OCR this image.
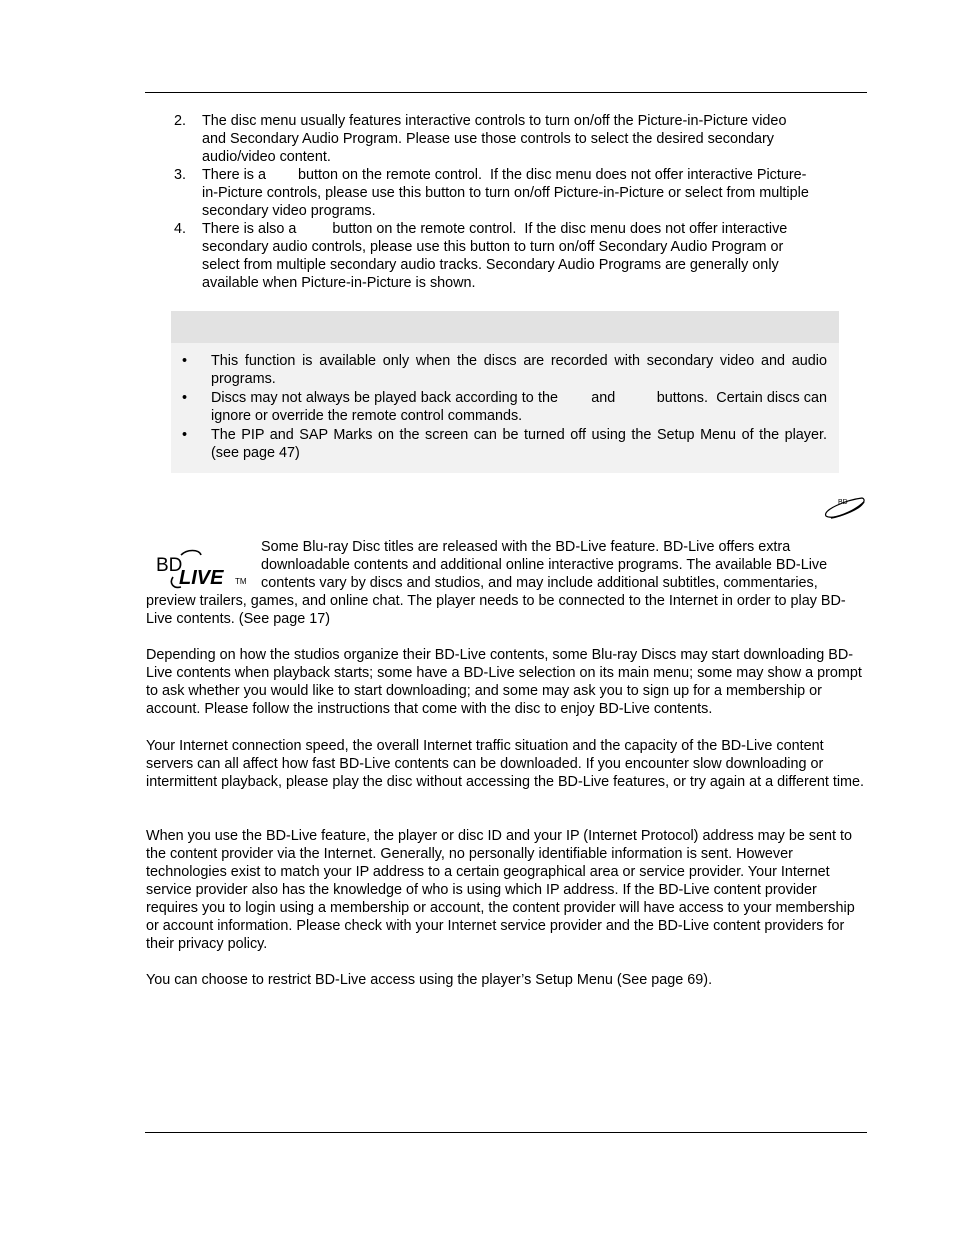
2.	The disc menu usually features interactive controls to turn on/off the Picture-in-Picture video
and Secondary Audio Program. Please use those controls to select the desired secondary
audio/video content.
3.	There is a        button on the remote control.  If the disc menu does not offer interactive Picture-
in-Picture controls, please use this button to turn on/off Picture-in-Picture or select from multiple
secondary video programs.
4.	There is also a         button on the remote control.  If the disc menu does not offer interactive
secondary audio controls, please use this button to turn on/off Secondary Audio Program or
select from multiple secondary audio tracks. Secondary Audio Programs are generally only
available when Picture-in-Picture is shown.
•	This function is available only when the discs are recorded with secondary video and audio programs.
•	Discs may not always be played back according to the        and          buttons.  Certain discs can ignore or override the remote control commands.
•	The PIP and SAP Marks on the screen can be turned off using the Setup Menu of the player. (see page 47)
BD
BD
LIVE TM
Some Blu-ray Disc titles are released with the BD-Live feature. BD-Live offers extra
downloadable contents and additional online interactive programs. The available BD-Live
contents vary by discs and studios, and may include additional subtitles, commentaries,
preview trailers, games, and online chat. The player needs to be connected to the Internet in order to play BD-Live contents. (See page 17)
Depending on how the studios organize their BD-Live contents, some Blu-ray Discs may start downloading BD-Live contents when playback starts; some have a BD-Live selection on its main menu; some may show a prompt to ask whether you would like to start downloading; and some may ask you to sign up for a membership or account. Please follow the instructions that come with the disc to enjoy BD-Live contents.
Your Internet connection speed, the overall Internet traffic situation and the capacity of the BD-Live content servers can all affect how fast BD-Live contents can be downloaded. If you encounter slow downloading or intermittent playback, please play the disc without accessing the BD-Live features, or try again at a different time.
When you use the BD-Live feature, the player or disc ID and your IP (Internet Protocol) address may be sent to the content provider via the Internet. Generally, no personally identifiable information is sent. However technologies exist to match your IP address to a certain geographical area or service provider. Your Internet service provider also has the knowledge of who is using which IP address. If the BD-Live content provider requires you to login using a membership or account, the content provider will have access to your membership or account information. Please check with your Internet service provider and the BD-Live content providers for their privacy policy.
You can choose to restrict BD-Live access using the player’s Setup Menu (See page 69).
